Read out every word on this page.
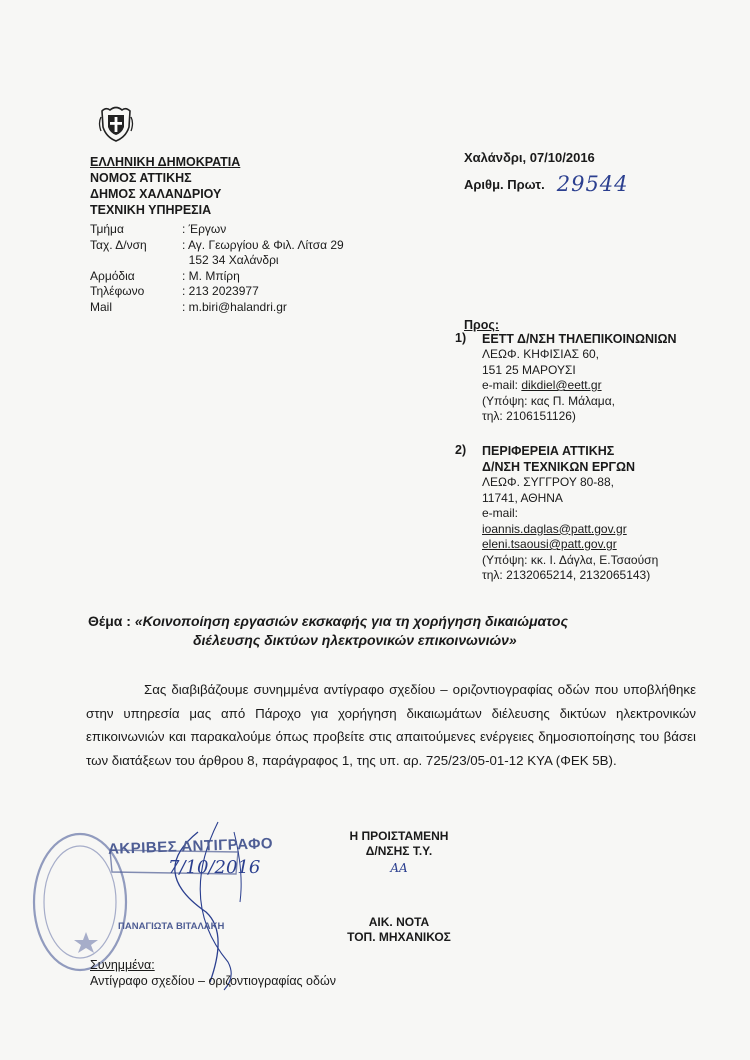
ΕΛΛΗΝΙΚΗ ΔΗΜΟΚΡΑΤΙΑ
ΝΟΜΟΣ ΑΤΤΙΚΗΣ
ΔΗΜΟΣ ΧΑΛΑΝΔΡΙΟΥ
ΤΕΧΝΙΚΗ ΥΠΗΡΕΣΙΑ
Τμήμα	: Έργων
Ταχ. Δ/νση	: Αγ. Γεωργίου & Φιλ. Λίτσα 29
152 34 Χαλάνδρι
Αρμόδια	: Μ. Μπίρη
Τηλέφωνο	: 213 2023977
Mail	: m.biri@halandri.gr
Χαλάνδρι, 07/10/2016
Αριθμ. Πρωτ. 29544
Προς:
1) ΕΕΤΤ Δ/ΝΣΗ ΤΗΛΕΠΙΚΟΙΝΩΝΙΩΝ
ΛΕΩΦ. ΚΗΦΙΣΙΑΣ 60,
151 25 ΜΑΡΟΥΣΙ
e-mail: dikdiel@eett.gr
(Υπόψη: κας Π. Μάλαμα,
τηλ: 2106151126)
2) ΠΕΡΙΦΕΡΕΙΑ ΑΤΤΙΚΗΣ
Δ/ΝΣΗ ΤΕΧΝΙΚΩΝ ΕΡΓΩΝ
ΛΕΩΦ. ΣΥΓΓΡΟΥ 80-88,
11741, ΑΘΗΝΑ
e-mail:
ioannis.daglas@patt.gov.gr
eleni.tsaousi@patt.gov.gr
(Υπόψη: κκ. Ι. Δάγλα, Ε.Τσαούση
τηλ: 2132065214, 2132065143)
Θέμα : «Κοινοποίηση εργασιών εκσκαφής για τη χορήγηση δικαιώματος
διέλευσης δικτύων ηλεκτρονικών επικοινωνιών»

Σας διαβιβάζουμε συνημμένα αντίγραφο σχεδίου – οριζοντιογραφίας οδών που υποβλήθηκε στην υπηρεσία μας από Πάροχο για χορήγηση δικαιωμάτων διέλευσης δικτύων ηλεκτρονικών επικοινωνιών και παρακαλούμε όπως προβείτε στις απαιτούμενες ενέργειες δημοσιοποίησης του βάσει των διατάξεων του άρθρου 8, παράγραφος 1, της υπ. αρ. 725/23/05-01-12 ΚΥΑ (ΦΕΚ 5Β).

ΑΚΡΙΒΕΣ ΑΝΤΙΓΡΑΦΟ
7/10/2016
ΠΑΝΑΓΙΩΤΑ ΒΙΤΑΛΑΚΗ
Η ΠΡΟΙΣΤΑΜΕΝΗ
Δ/ΝΣΗΣ Τ.Υ.
ΑΑ
ΑΙΚ. ΝΟΤΑ
ΤΟΠ. ΜΗΧΑΝΙΚΟΣ
Συνημμένα:
Αντίγραφο σχεδίου – οριζοντιογραφίας οδών
